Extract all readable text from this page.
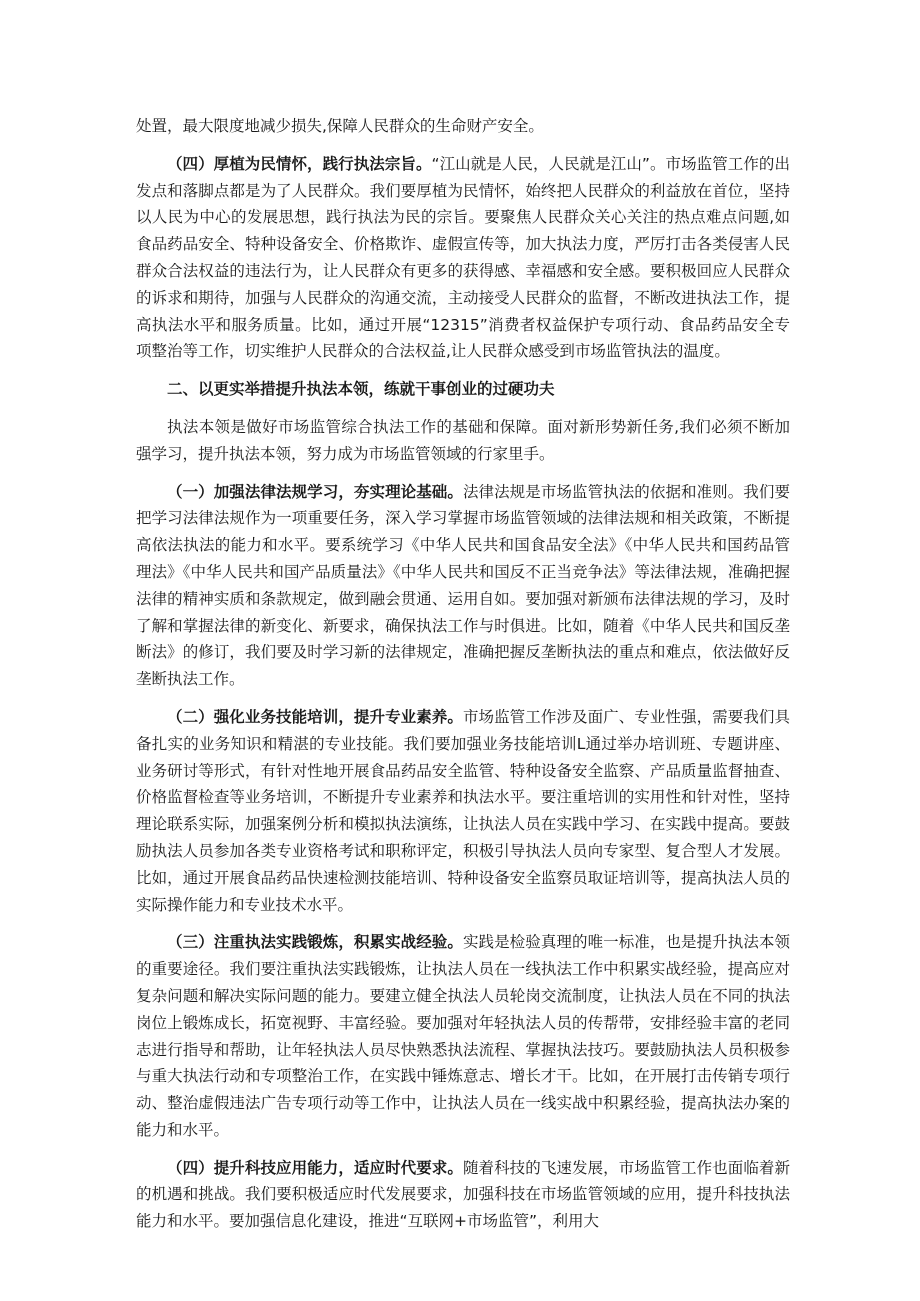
处置，最大限度地减少损失,保障人民群众的生命财产安全。

（四）厚植为民情怀，践行执法宗旨。“江山就是人民，人民就是江山”。市场监管工作的出发点和落脚点都是为了人民群众。我们要厚植为民情怀，始终把人民群众的利益放在首位，坚持以人民为中心的发展思想，践行执法为民的宗旨。要聚焦人民群众关心关注的热点难点问题,如食品药品安全、特种设备安全、价格欺诈、虚假宣传等，加大执法力度，严厉打击各类侵害人民群众合法权益的违法行为，让人民群众有更多的获得感、幸福感和安全感。要积极回应人民群众的诉求和期待，加强与人民群众的沟通交流，主动接受人民群众的监督，不断改进执法工作，提高执法水平和服务质量。比如，通过开展“12315”消费者权益保护专项行动、食品药品安全专项整治等工作，切实维护人民群众的合法权益,让人民群众感受到市场监管执法的温度。

二、以更实举措提升执法本领，练就干事创业的过硬功夫

执法本领是做好市场监管综合执法工作的基础和保障。面对新形势新任务,我们必须不断加强学习，提升执法本领，努力成为市场监管领域的行家里手。

（一）加强法律法规学习，夯实理论基础。法律法规是市场监管执法的依据和准则。我们要把学习法律法规作为一项重要任务，深入学习掌握市场监管领域的法律法规和相关政策，不断提高依法执法的能力和水平。要系统学习《中华人民共和国食品安全法》《中华人民共和国药品管理法》《中华人民共和国产品质量法》《中华人民共和国反不正当竞争法》等法律法规，准确把握法律的精神实质和条款规定，做到融会贯通、运用自如。要加强对新颁布法律法规的学习，及时了解和掌握法律的新变化、新要求，确保执法工作与时俱进。比如，随着《中华人民共和国反垄断法》的修订，我们要及时学习新的法律规定，准确把握反垄断执法的重点和难点，依法做好反垄断执法工作。

（二）强化业务技能培训，提升专业素养。市场监管工作涉及面广、专业性强，需要我们具备扎实的业务知识和精湛的专业技能。我们要加强业务技能培训L通过举办培训班、专题讲座、业务研讨等形式，有针对性地开展食品药品安全监管、特种设备安全监察、产品质量监督抽查、价格监督检查等业务培训，不断提升专业素养和执法水平。要注重培训的实用性和针对性，坚持理论联系实际，加强案例分析和模拟执法演练，让执法人员在实践中学习、在实践中提高。要鼓励执法人员参加各类专业资格考试和职称评定，积极引导执法人员向专家型、复合型人才发展。比如，通过开展食品药品快速检测技能培训、特种设备安全监察员取证培训等，提高执法人员的实际操作能力和专业技术水平。

（三）注重执法实践锻炼，积累实战经验。实践是检验真理的唯一标准，也是提升执法本领的重要途径。我们要注重执法实践锻炼，让执法人员在一线执法工作中积累实战经验，提高应对复杂问题和解决实际问题的能力。要建立健全执法人员轮岗交流制度，让执法人员在不同的执法岗位上锻炼成长，拓宽视野、丰富经验。要加强对年轻执法人员的传帮带，安排经验丰富的老同志进行指导和帮助，让年轻执法人员尽快熟悉执法流程、掌握执法技巧。要鼓励执法人员积极参与重大执法行动和专项整治工作，在实践中锤炼意志、增长才干。比如，在开展打击传销专项行动、整治虚假违法广告专项行动等工作中，让执法人员在一线实战中积累经验，提高执法办案的能力和水平。

（四）提升科技应用能力，适应时代要求。随着科技的飞速发展，市场监管工作也面临着新的机遇和挑战。我们要积极适应时代发展要求，加强科技在市场监管领域的应用，提升科技执法能力和水平。要加强信息化建设，推进“互联网+市场监管”，利用大
